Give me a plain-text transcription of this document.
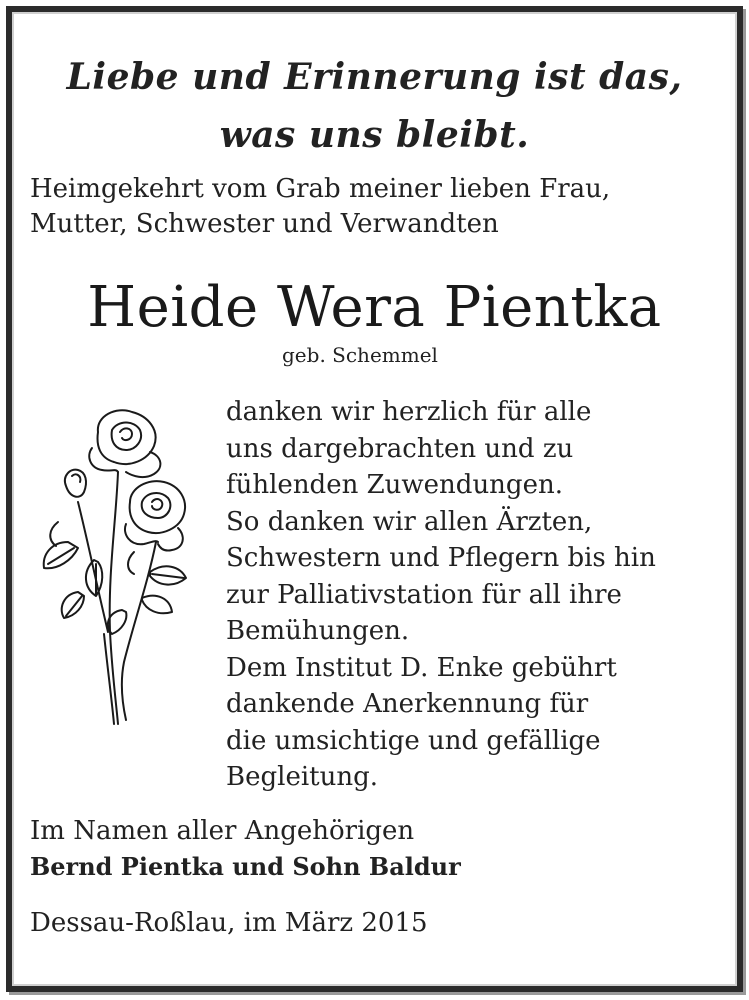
Liebe und Erinnerung ist das,
was uns bleibt.
Heimgekehrt vom Grab meiner lieben Frau,
Mutter, Schwester und Verwandten
Heide Wera Pientka
geb. Schemmel
danken wir herzlich für alle
uns dargebrachten und zu
fühlenden Zuwendungen.
So danken wir allen Ärzten,
Schwestern und Pflegern bis hin
zur Palliativstation für all ihre
Bemühungen.
Dem Institut D. Enke gebührt
dankende Anerkennung für
die umsichtige und gefällige
Begleitung.
Im Namen aller Angehörigen
Bernd Pientka und Sohn Baldur
Dessau-Roßlau, im März 2015
